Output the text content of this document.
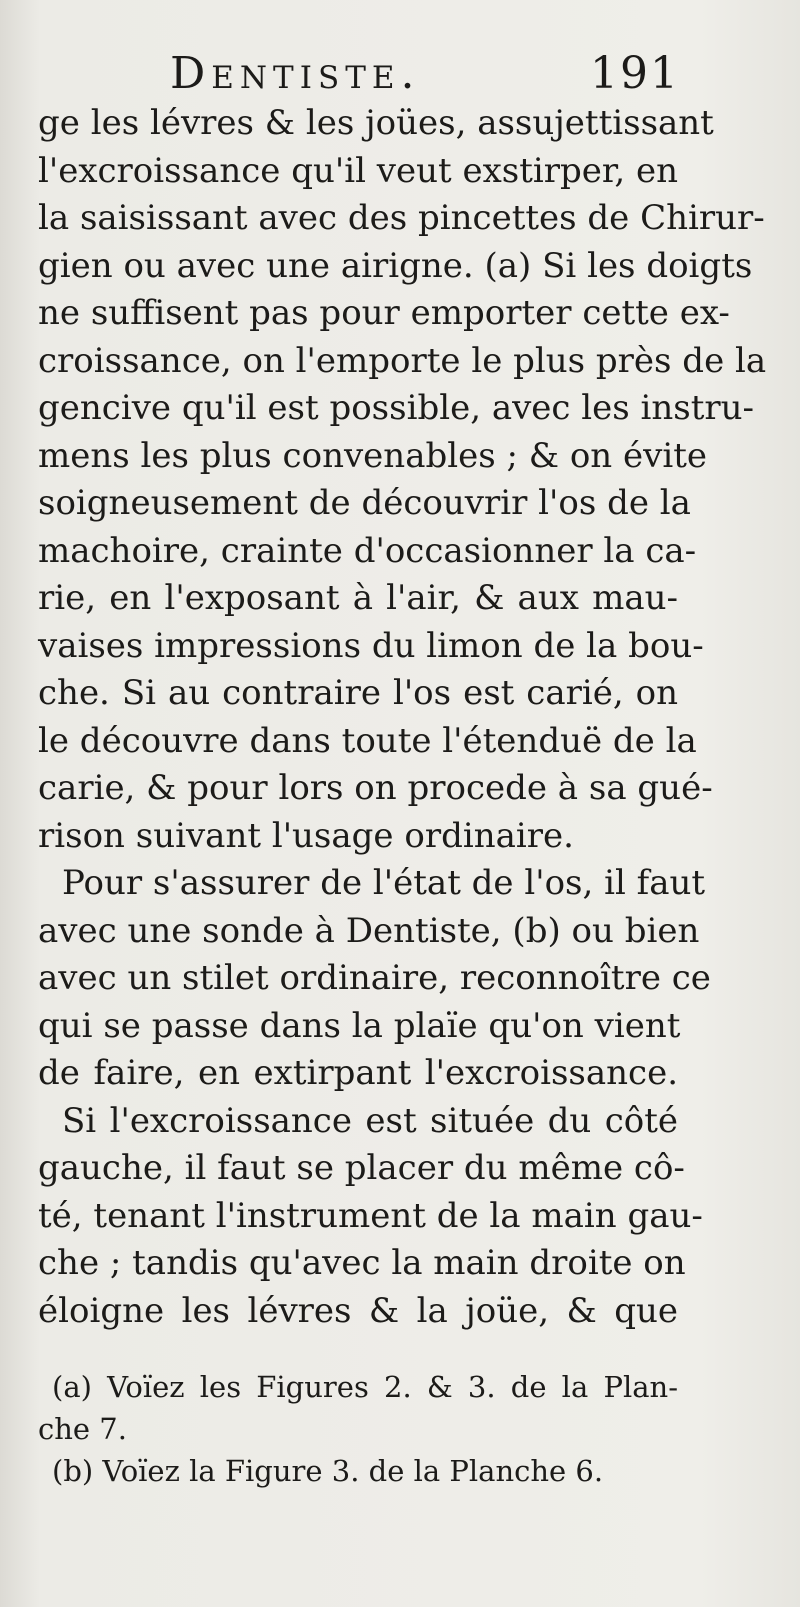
Dentiste.	191
ge les lévres & les joües, assujettissant
l'excroissance qu'il veut exstirper, en
la saisissant avec des pincettes de Chirur-
gien ou avec une airigne. (a) Si les doigts
ne suffisent pas pour emporter cette ex-
croissance, on l'emporte le plus près de la
gencive qu'il est possible, avec les instru-
mens les plus convenables ; & on évite
soigneusement de découvrir l'os de la
machoire, crainte d'occasionner la ca-
rie, en l'exposant à l'air, & aux mau-
vaises impressions du limon de la bou-
che. Si au contraire l'os est carié, on
le découvre dans toute l'étenduë de la
carie, & pour lors on procede à sa gué-
rison suivant l'usage ordinaire.
Pour s'assurer de l'état de l'os, il faut
avec une sonde à Dentiste, (b) ou bien
avec un stilet ordinaire, reconnoître ce
qui se passe dans la plaïe qu'on vient
de faire, en extirpant l'excroissance.
Si l'excroissance est située du côté
gauche, il faut se placer du même cô-
té, tenant l'instrument de la main gau-
che ; tandis qu'avec la main droite on
éloigne les lévres & la joüe, & que
(a) Voïez les Figures 2. & 3. de la Plan-
che 7.
(b) Voïez la Figure 3. de la Planche 6.
